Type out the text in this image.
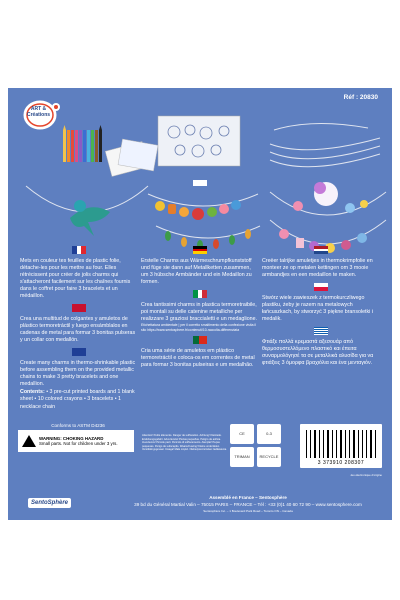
ART &
Créations
Réf : 20830
Mets en couleur tes feuilles de plastic folie, détache-les pour les mettre au four. Elles rétrécissent pour créer de jolis charms qui s'attacheront facilement sur les chaînes fournis dans le coffret pour faire 3 bracelets et un médaillon.
Crea una multitud de colgantes y amuletos de plástico termoretráctil y luego ensámblalos en cadenas de metal para formar 3 bonitas pulseras y un collar con medallón.
Create many charms in thermo-shrinkable plastic before assembling them on the provided metallic chains to make 3 pretty bracelets and one medallion.
Contents: • 3 pre-cut printed boards and 1 blank sheet • 10 colored crayons • 3 bracelets • 1 necklace chain
Erstelle Charms aus Wärmeschrumpfkunststoff und füge sie dann auf Metallketten zusammen, um 3 hübsche Armbänder und ein Medaillon zu formen.
Crea tantissimi charms in plastica termoretraibile, poi montali su delle catenine metalliche per realizzare 3 graziosi braccialetti e un medaglione.
Etichettatura ambientale | per il corretto smaltimento della confezione visita il sito https://www.sentosphere.fr/contenuti/10-raccolta-differenziata
Cria uma série de amuletos em plástico termoretráctil e coloca-os em correntes de metal para formar 3 bonitas pulseiras e um medalhão.
Creëer talrijke amuletjes in thermokrimpfolie en monteer ze op metalen kettingen om 3 mooie armbandjes en een medaillon te maken.
Stwórz wiele zawieszek z termokurczliwego plastiku, żeby je razem na metalowych łańcuszkach, by stworzyć 3 piękne bransoletki i medalik.
Φτιάξε πολλά κρεμαστά αξεσουάρ από θερμοσυστελλόμενο πλαστικό και έπειτα συναρμολόγησέ τα σε μεταλλικά αλυσίδα για να φτιάξεις 3 όμορφα βραχιόλια και ένα μενταγιόν.
Conforms to ASTM D4236
WARNING: CHOKING HAZARD
Small parts. Not for children under 3 yrs.
Attention! Petits éléments. Danger de suffocation. Achtung! Kleinteile. Erstickungsgefahr. Advertencia! Piezas pequeñas. Peligro de asfixia. Avvertenze! Piccole parti. Pericolo di soffocamento. Atenção! Peças pequenas. Perigo de sufocação. Waarschuwing! Kleine onderdelen. Verstikkingsgevaar. Uwaga! Małe części. Niebezpieczeństwo zadławienia.
CE	0-3
TRIMAN	RECYCLE
3 373910 208307
Jeu électronique d'origine
SentoSphère
Assemblé en France – Sentosphère
39 bd du Général Martial Valin – 75015 PARIS – FRANCE – Tél : +33 (0)1 40 60 72 90 – www.sentosphere.com
Sentosphère Inc. – 1 Boulevard Park Road – Toronto ON – Canada
